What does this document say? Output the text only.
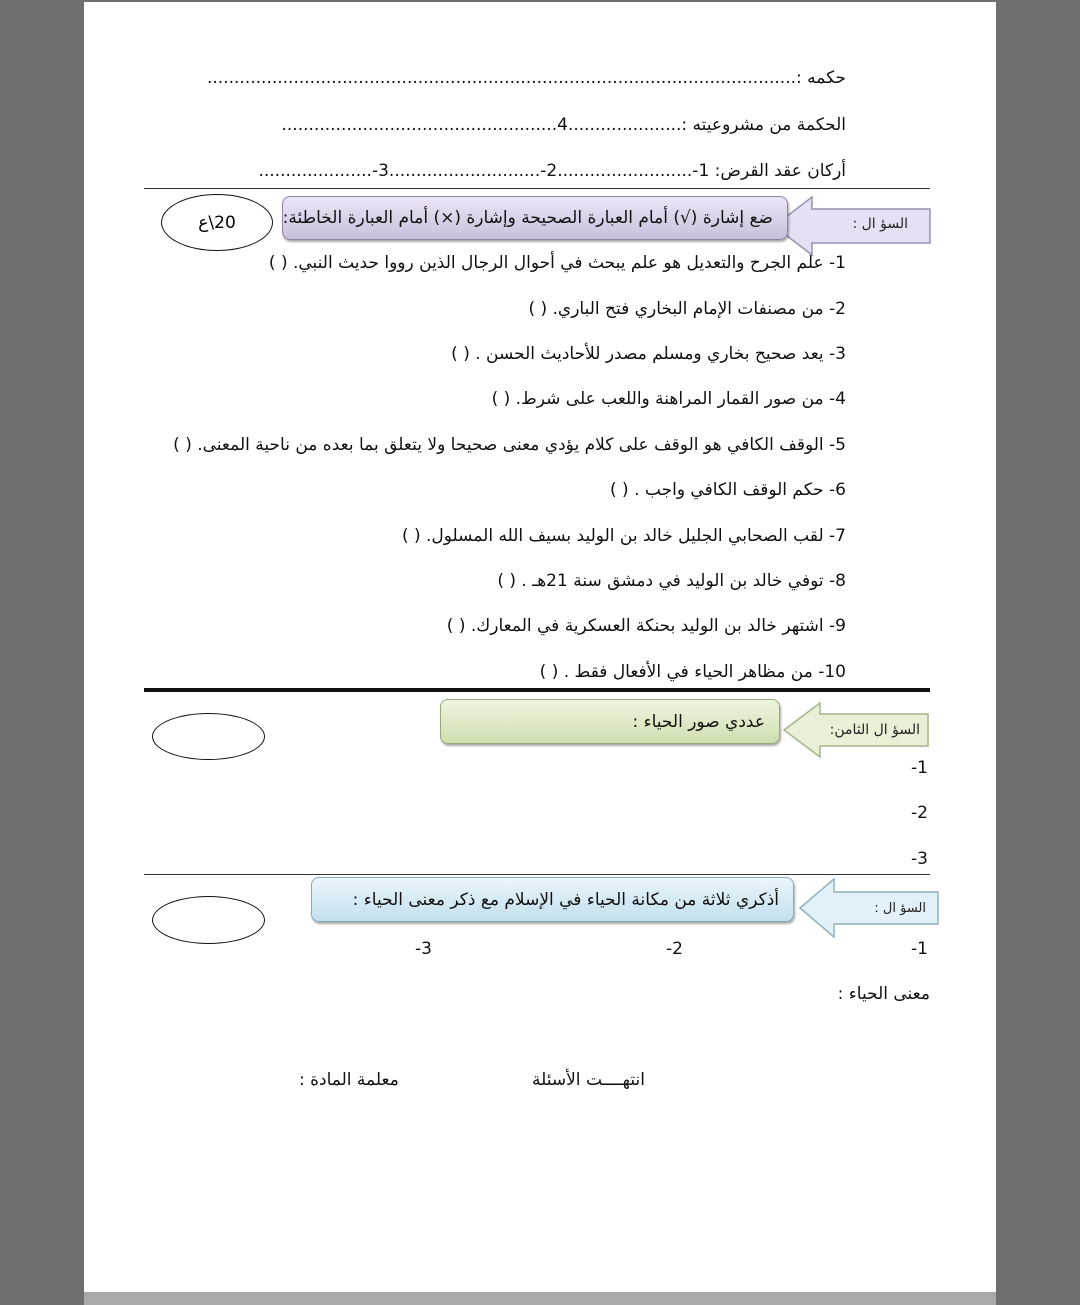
حكمه :.............................................................................................................
الحكمة من مشروعيته :.....................4...................................................
أركان عقد القرض: 1-.........................2-............................3-.....................
السؤ ال :
ضع إشارة (√) أمام العبارة الصحيحة وإشارة (×) أمام العبارة الخاطئة:
20\ع
1- علم الجرح والتعديل هو علم يبحث في أحوال الرجال الذين رووا حديث النبي. ( )
2- من مصنفات الإمام البخاري فتح الباري. ( )
3- يعد صحيح بخاري ومسلم مصدر للأحاديث الحسن . ( )
4- من صور القمار المراهنة واللعب على شرط. ( )
5- الوقف الكافي هو الوقف على كلام يؤدي معنى صحيحا ولا يتعلق بما بعده من ناحية المعنى. ( )
6- حكم الوقف الكافي واجب . ( )
7- لقب الصحابي الجليل خالد بن الوليد بسيف الله المسلول. ( )
8- توفي خالد بن الوليد في دمشق سنة 21هـ . ( )
9- اشتهر خالد بن الوليد بحنكة العسكرية في المعارك. ( )
10- من مظاهر الحياء في الأفعال فقط . ( )
السؤ ال الثامن:
عددي صور الحياء :
1-
2-
3-
السؤ ال :
أذكري ثلاثة من مكانة الحياء في الإسلام مع ذكر معنى الحياء :
1-
2-
3-
معنى الحياء :
انتهــــت الأسئلة
معلمة المادة :
